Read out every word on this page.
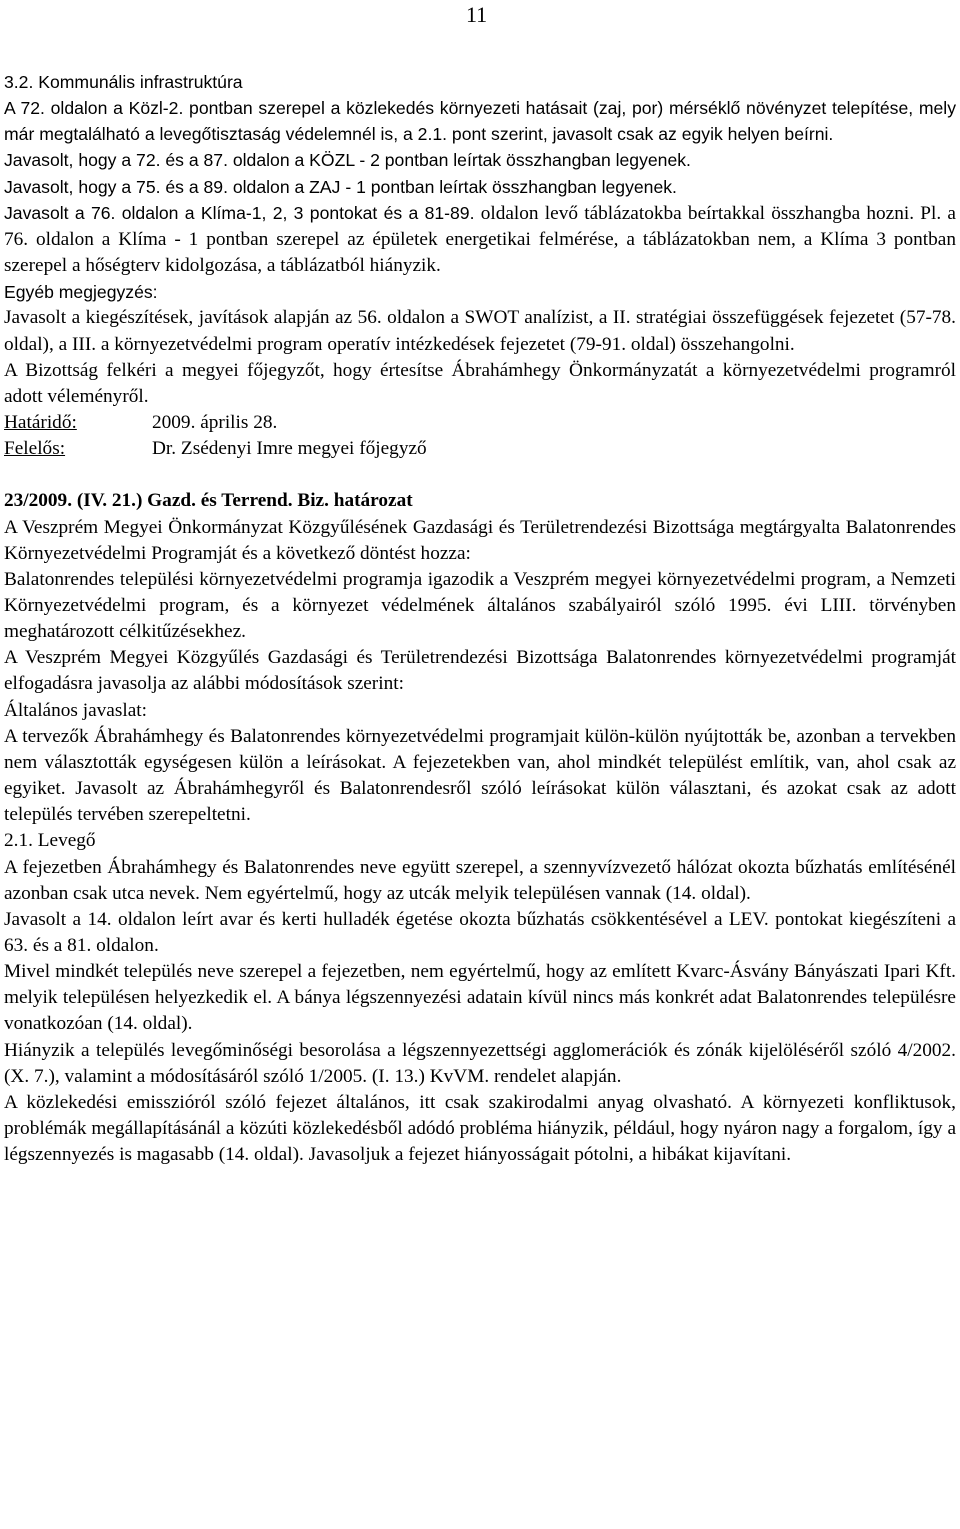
11

3.2. Kommunális infrastruktúra

A 72. oldalon a Közl-2. pontban szerepel a közlekedés környezeti hatásait (zaj, por) mérséklő növényzet telepítése, mely már megtalálható a levegőtisztaság védelemnél is, a 2.1. pont szerint, javasolt csak az egyik helyen beírni.

Javasolt, hogy a 72. és a 87. oldalon a KÖZL - 2 pontban leírtak összhangban legyenek.

Javasolt, hogy a 75. és a 89. oldalon a ZAJ - 1 pontban leírtak összhangban legyenek.

Javasolt a 76. oldalon a Klíma-1, 2, 3 pontokat és a 81-89. oldalon levő táblázatokba beírtakkal összhangba hozni. Pl. a 76. oldalon a Klíma - 1 pontban szerepel az épületek energetikai felmérése, a táblázatokban nem, a Klíma 3 pontban szerepel a hőségterv kidolgozása, a táblázatból hiányzik.

Egyéb megjegyzés:

Javasolt a kiegészítések, javítások alapján az 56. oldalon a SWOT analízist, a II. stratégiai összefüggések fejezetet (57-78. oldal), a III. a környezetvédelmi program operatív intézkedések fejezetet (79-91. oldal) összehangolni.

A Bizottság felkéri a megyei főjegyzőt, hogy értesítse Ábrahámhegy Önkormányzatát a környezetvédelmi programról adott véleményről.

Határidő:	2009. április 28.

Felelős:	Dr. Zsédenyi Imre megyei főjegyző

23/2009. (IV. 21.) Gazd. és Terrend. Biz. határozat

A Veszprém Megyei Önkormányzat Közgyűlésének Gazdasági és Területrendezési Bizottsága megtárgyalta Balatonrendes Környezetvédelmi Programját és a következő döntést hozza:

Balatonrendes települési környezetvédelmi programja igazodik a Veszprém megyei környezetvédelmi program, a Nemzeti Környezetvédelmi program, és a környezet védelmének általános szabályairól szóló 1995. évi LIII. törvényben meghatározott célkitűzésekhez.

A Veszprém Megyei Közgyűlés Gazdasági és Területrendezési Bizottsága Balatonrendes környezetvédelmi programját elfogadásra javasolja az alábbi módosítások szerint:

Általános javaslat:

A tervezők Ábrahámhegy és Balatonrendes környezetvédelmi programjait külön-külön nyújtották be, azonban a tervekben nem választották egységesen külön a leírásokat. A fejezetekben van, ahol mindkét települést említik, van, ahol csak az egyiket. Javasolt az Ábrahámhegyről és Balatonrendesről szóló leírásokat külön választani, és azokat csak az adott település tervében szerepeltetni.

2.1. Levegő

A fejezetben Ábrahámhegy és Balatonrendes neve együtt szerepel, a szennyvízvezető hálózat okozta bűzhatás említésénél azonban csak utca nevek. Nem egyértelmű, hogy az utcák melyik településen vannak (14. oldal).

Javasolt a 14. oldalon leírt avar és kerti hulladék égetése okozta bűzhatás csökkentésével a LEV. pontokat kiegészíteni a 63. és a 81. oldalon.

Mivel mindkét település neve szerepel a fejezetben, nem egyértelmű, hogy az említett Kvarc-Ásvány Bányászati Ipari Kft. melyik településen helyezkedik el. A bánya légszennyezési adatain kívül nincs más konkrét adat Balatonrendes településre vonatkozóan (14. oldal).

Hiányzik a település levegőminőségi besorolása a légszennyezettségi agglomerációk és zónák kijelöléséről szóló 4/2002. (X. 7.), valamint a módosításáról szóló 1/2005. (I. 13.) KvVM. rendelet alapján.

A közlekedési emisszióról szóló fejezet általános, itt csak szakirodalmi anyag olvasható. A környezeti konfliktusok, problémák megállapításánál a közúti közlekedésből adódó probléma hiányzik, például, hogy nyáron nagy a forgalom, így a légszennyezés is magasabb (14. oldal). Javasoljuk a fejezet hiányosságait pótolni, a hibákat kijavítani.
